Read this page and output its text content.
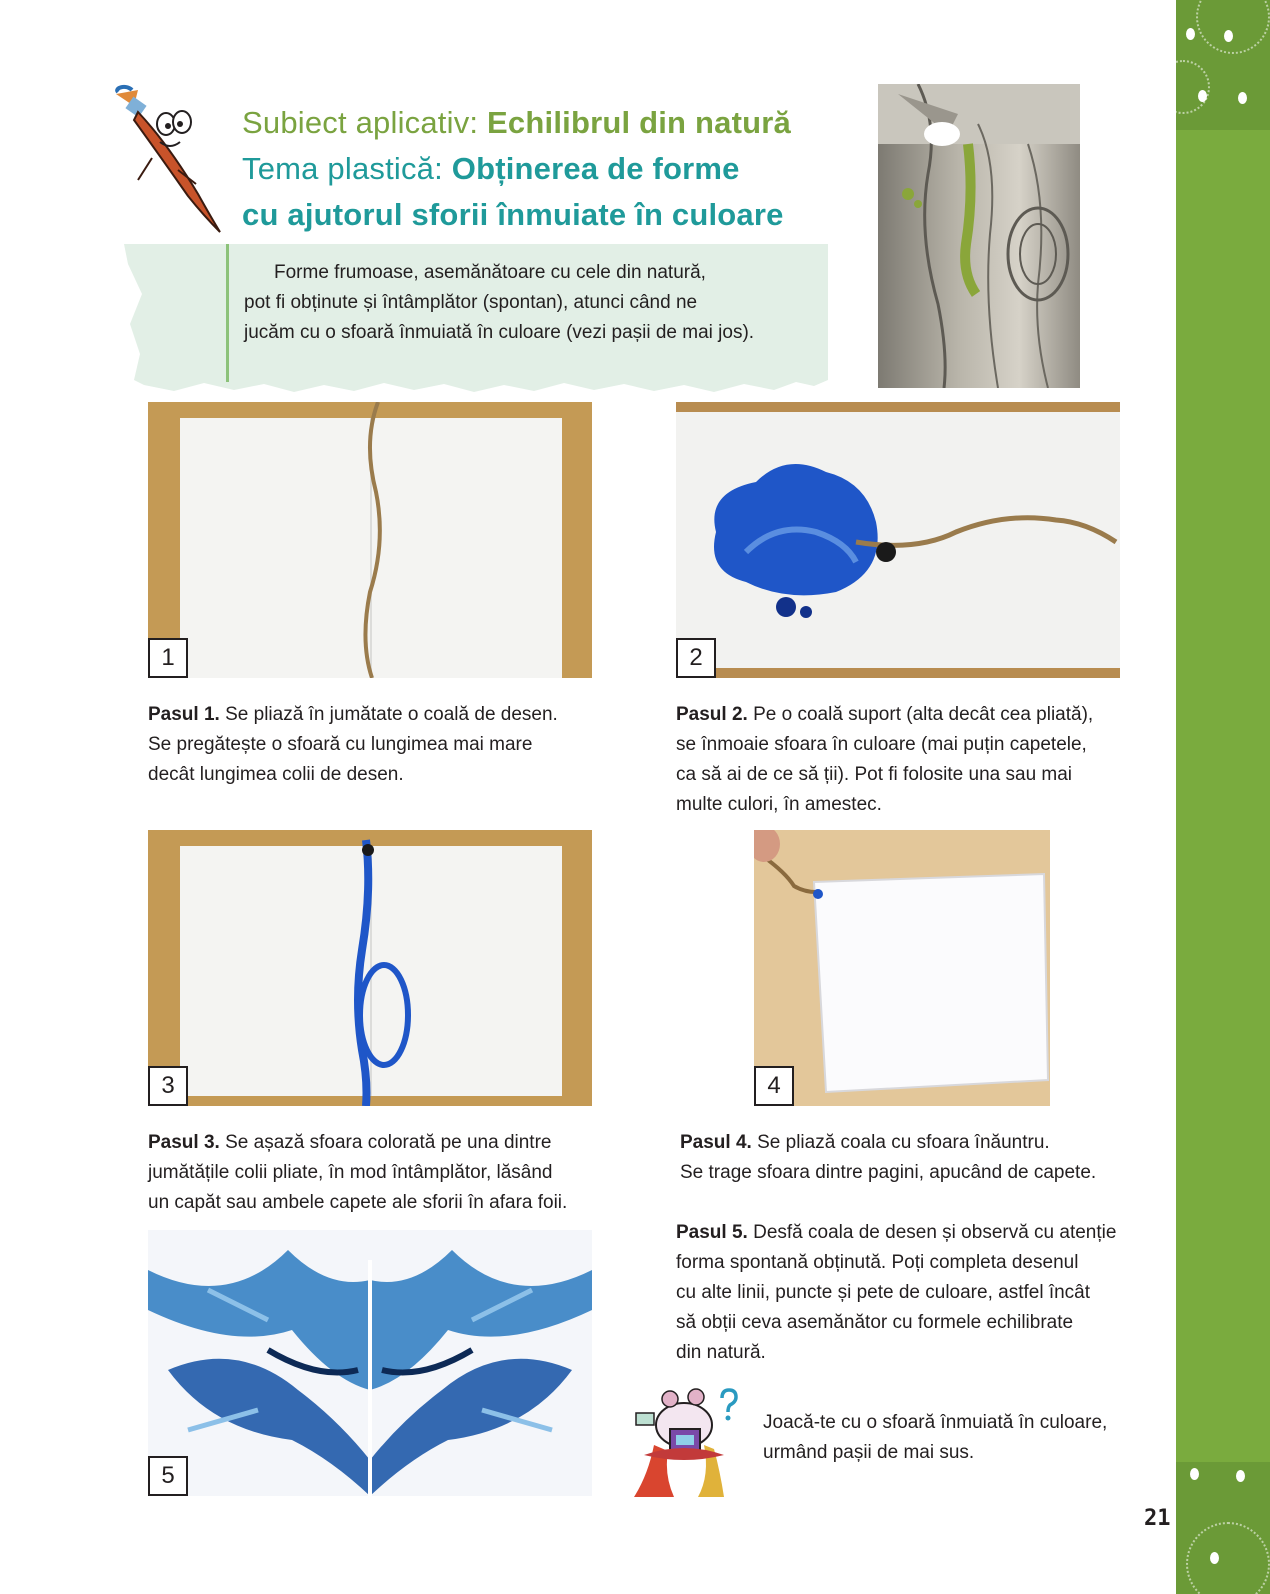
21
Subiect aplicativ: Echilibrul din natură
Tema plastică: Obținerea de forme
cu ajutorul sforii înmuiate în culoare
Forme frumoase, asemănătoare cu cele din natură,
pot fi obținute și întâmplător (spontan), atunci când ne
jucăm cu o sfoară înmuiată în culoare (vezi pașii de mai jos).
1	2
Pasul 1. Se pliază în jumătate o coală de desen.
Se pregătește o sfoară cu lungimea mai mare
decât lungimea colii de desen.
Pasul 2. Pe o coală suport (alta decât cea pliată),
se înmoaie sfoara în culoare (mai puțin capetele,
ca să ai de ce să ții). Pot fi folosite una sau mai
multe culori, în amestec.
3	4
Pasul 3. Se așază sfoara colorată pe una dintre
jumătățile colii pliate, în mod întâmplător, lăsând
un capăt sau ambele capete ale sforii în afara foii.
Pasul 4. Se pliază coala cu sfoara înăuntru.
Se trage sfoara dintre pagini, apucând de capete.
5
Pasul 5. Desfă coala de desen și observă cu atenție
forma spontană obținută. Poți completa desenul
cu alte linii, puncte și pete de culoare, astfel încât
să obții ceva asemănător cu formele echilibrate
din natură.
Joacă-te cu o sfoară înmuiată în culoare,
urmând pașii de mai sus.
